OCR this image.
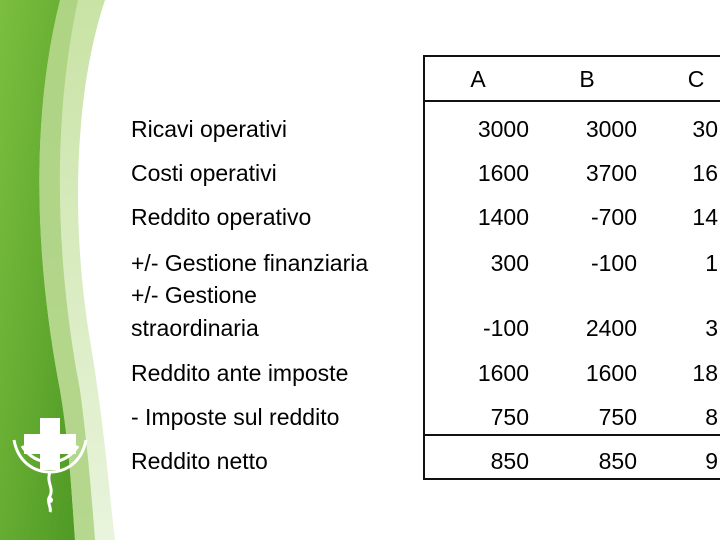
Ricavi operativi
Costi operativi
Reddito operativo
+/- Gestione finanziaria
+/- Gestione
straordinaria
Reddito ante imposte
- Imposte sul reddito
Reddito netto
A	B	C
3000
1600
1400
300
-100
1600
750
850
3000
3700
-700
-100
2400
1600
750
850
30
16
14
1
3
18
8
9
